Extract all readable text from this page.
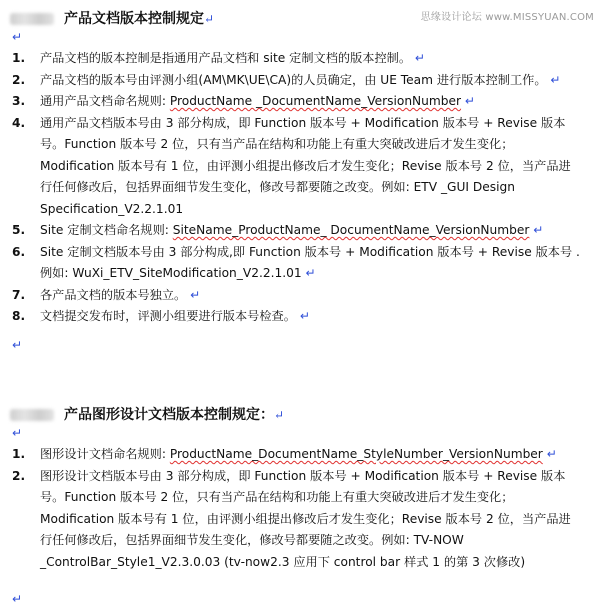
思缘设计论坛 www.MISSYUAN.COM
产品文档版本控制规定↵
↵
1. 产品文档的版本控制是指通用产品文档和 site 定制文档的版本控制。 ↵
2. 产品文档的版本号由评测小组(AM\MK\UE\CA)的人员确定，由 UE Team 进行版本控制工作。 ↵
3. 通用产品文档命名规则: ProductName _DocumentName_VersionNumber ↵
4. 通用产品文档版本号由 3 部分构成，即 Function 版本号 + Modification 版本号 + Revise 版本号。Function 版本号 2 位，只有当产品在结构和功能上有重大突破改进后才发生变化；Modification 版本号有 1 位，由评测小组提出修改后才发生变化；Revise 版本号 2 位，当产品进行任何修改后，包括界面细节发生变化，修改号都要随之改变。例如: ETV _GUI Design Specification_V2.2.1.01
5. Site 定制文档命名规则: SiteName_ProductName_ DocumentName_VersionNumber ↵
6. Site 定制文档版本号由 3 部分构成,即 Function 版本号 + Modification 版本号 + Revise 版本号 .例如: WuXi_ETV_SiteModification_V2.2.1.01 ↵
7. 各产品文档的版本号独立。 ↵
8. 文档提交发布时，评测小组要进行版本号检查。 ↵
↵
产品图形设计文档版本控制规定：↵
↵
1. 图形设计文档命名规则: ProductName_DocumentName_StyleNumber_VersionNumber ↵
2. 图形设计文档版本号由 3 部分构成，即 Function 版本号 + Modification 版本号 + Revise 版本号。Function 版本号 2 位，只有当产品在结构和功能上有重大突破改进后才发生变化；Modification 版本号有 1 位，由评测小组提出修改后才发生变化；Revise 版本号 2 位，当产品进行任何修改后，包括界面细节发生变化，修改号都要随之改变。例如: TV-NOW _ControlBar_Style1_V2.3.0.03 (tv-now2.3 应用下 control bar 样式 1 的第 3 次修改)
↵
